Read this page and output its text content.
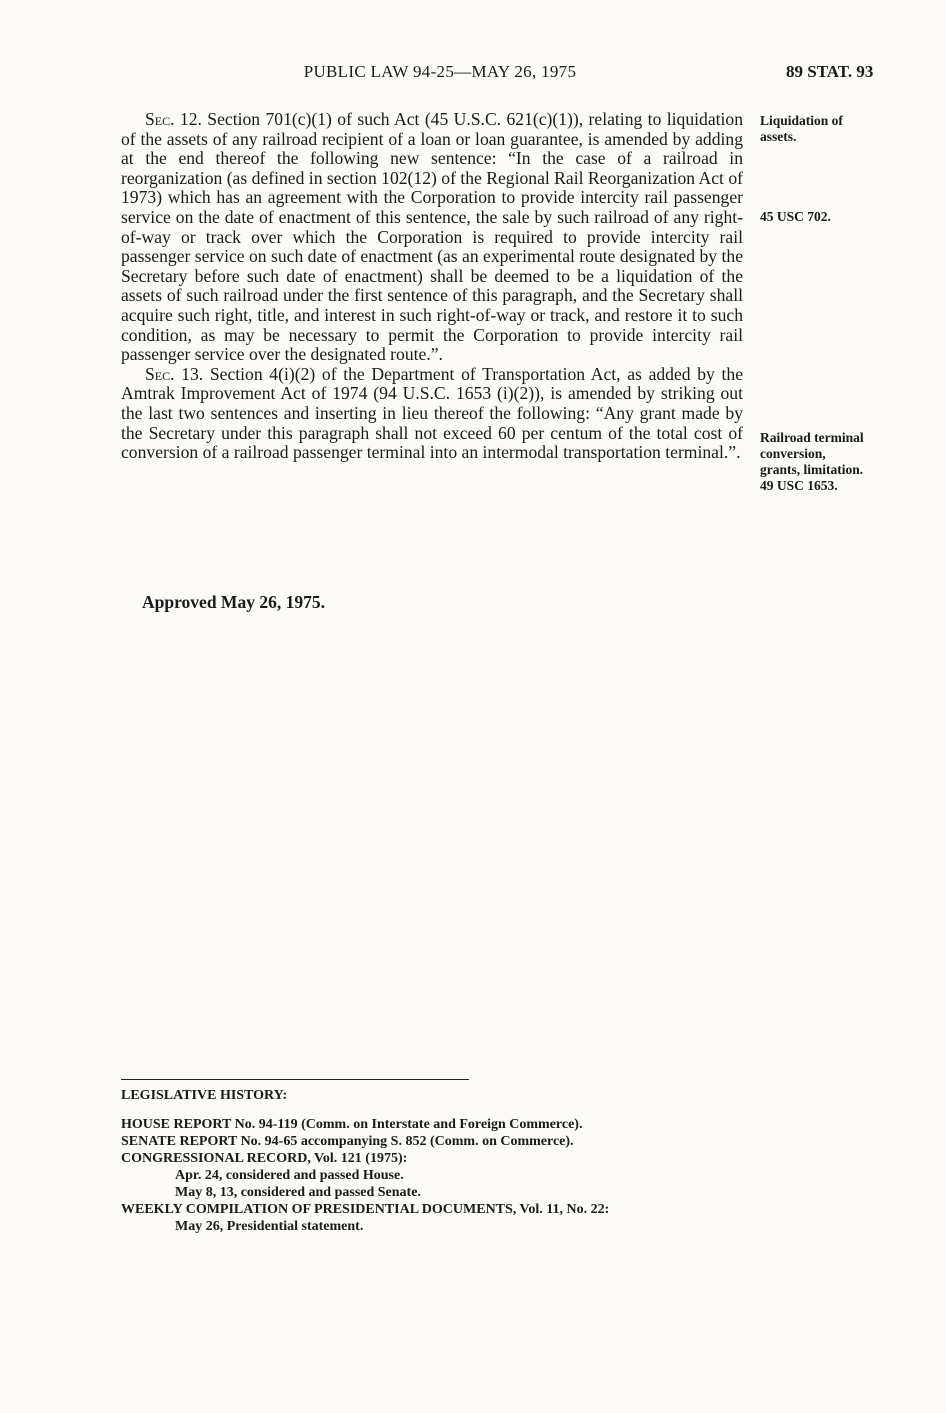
PUBLIC LAW 94-25—MAY 26, 1975	89 STAT. 93

Sec. 12. Section 701(c)(1) of such Act (45 U.S.C. 621(c)(1)), relating to liquidation of the assets of any railroad recipient of a loan or loan guarantee, is amended by adding at the end thereof the following new sentence: “In the case of a railroad in reorganization (as defined in section 102(12) of the Regional Rail Reorganization Act of 1973) which has an agreement with the Corporation to provide intercity rail passenger service on the date of enactment of this sentence, the sale by such railroad of any right-of-way or track over which the Corporation is required to provide intercity rail passenger service on such date of enactment (as an experimental route designated by the Secretary before such date of enactment) shall be deemed to be a liquidation of the assets of such railroad under the first sentence of this paragraph, and the Secretary shall acquire such right, title, and interest in such right-of-way or track, and restore it to such condition, as may be necessary to permit the Corporation to provide intercity rail passenger service over the designated route.”.

Sec. 13. Section 4(i)(2) of the Department of Transportation Act, as added by the Amtrak Improvement Act of 1974 (94 U.S.C. 1653 (i)(2)), is amended by striking out the last two sentences and inserting in lieu thereof the following: “Any grant made by the Secretary under this paragraph shall not exceed 60 per centum of the total cost of conversion of a railroad passenger terminal into an intermodal transportation terminal.”.

Liquidation of
assets.
45 USC 702.
Railroad terminal
conversion,
grants, limitation.
49 USC 1653.
Approved May 26, 1975.
LEGISLATIVE HISTORY:
HOUSE REPORT No. 94-119 (Comm. on Interstate and Foreign Commerce).
SENATE REPORT No. 94-65 accompanying S. 852 (Comm. on Commerce).
CONGRESSIONAL RECORD, Vol. 121 (1975):
Apr. 24, considered and passed House.
May 8, 13, considered and passed Senate.
WEEKLY COMPILATION OF PRESIDENTIAL DOCUMENTS, Vol. 11, No. 22:
May 26, Presidential statement.
